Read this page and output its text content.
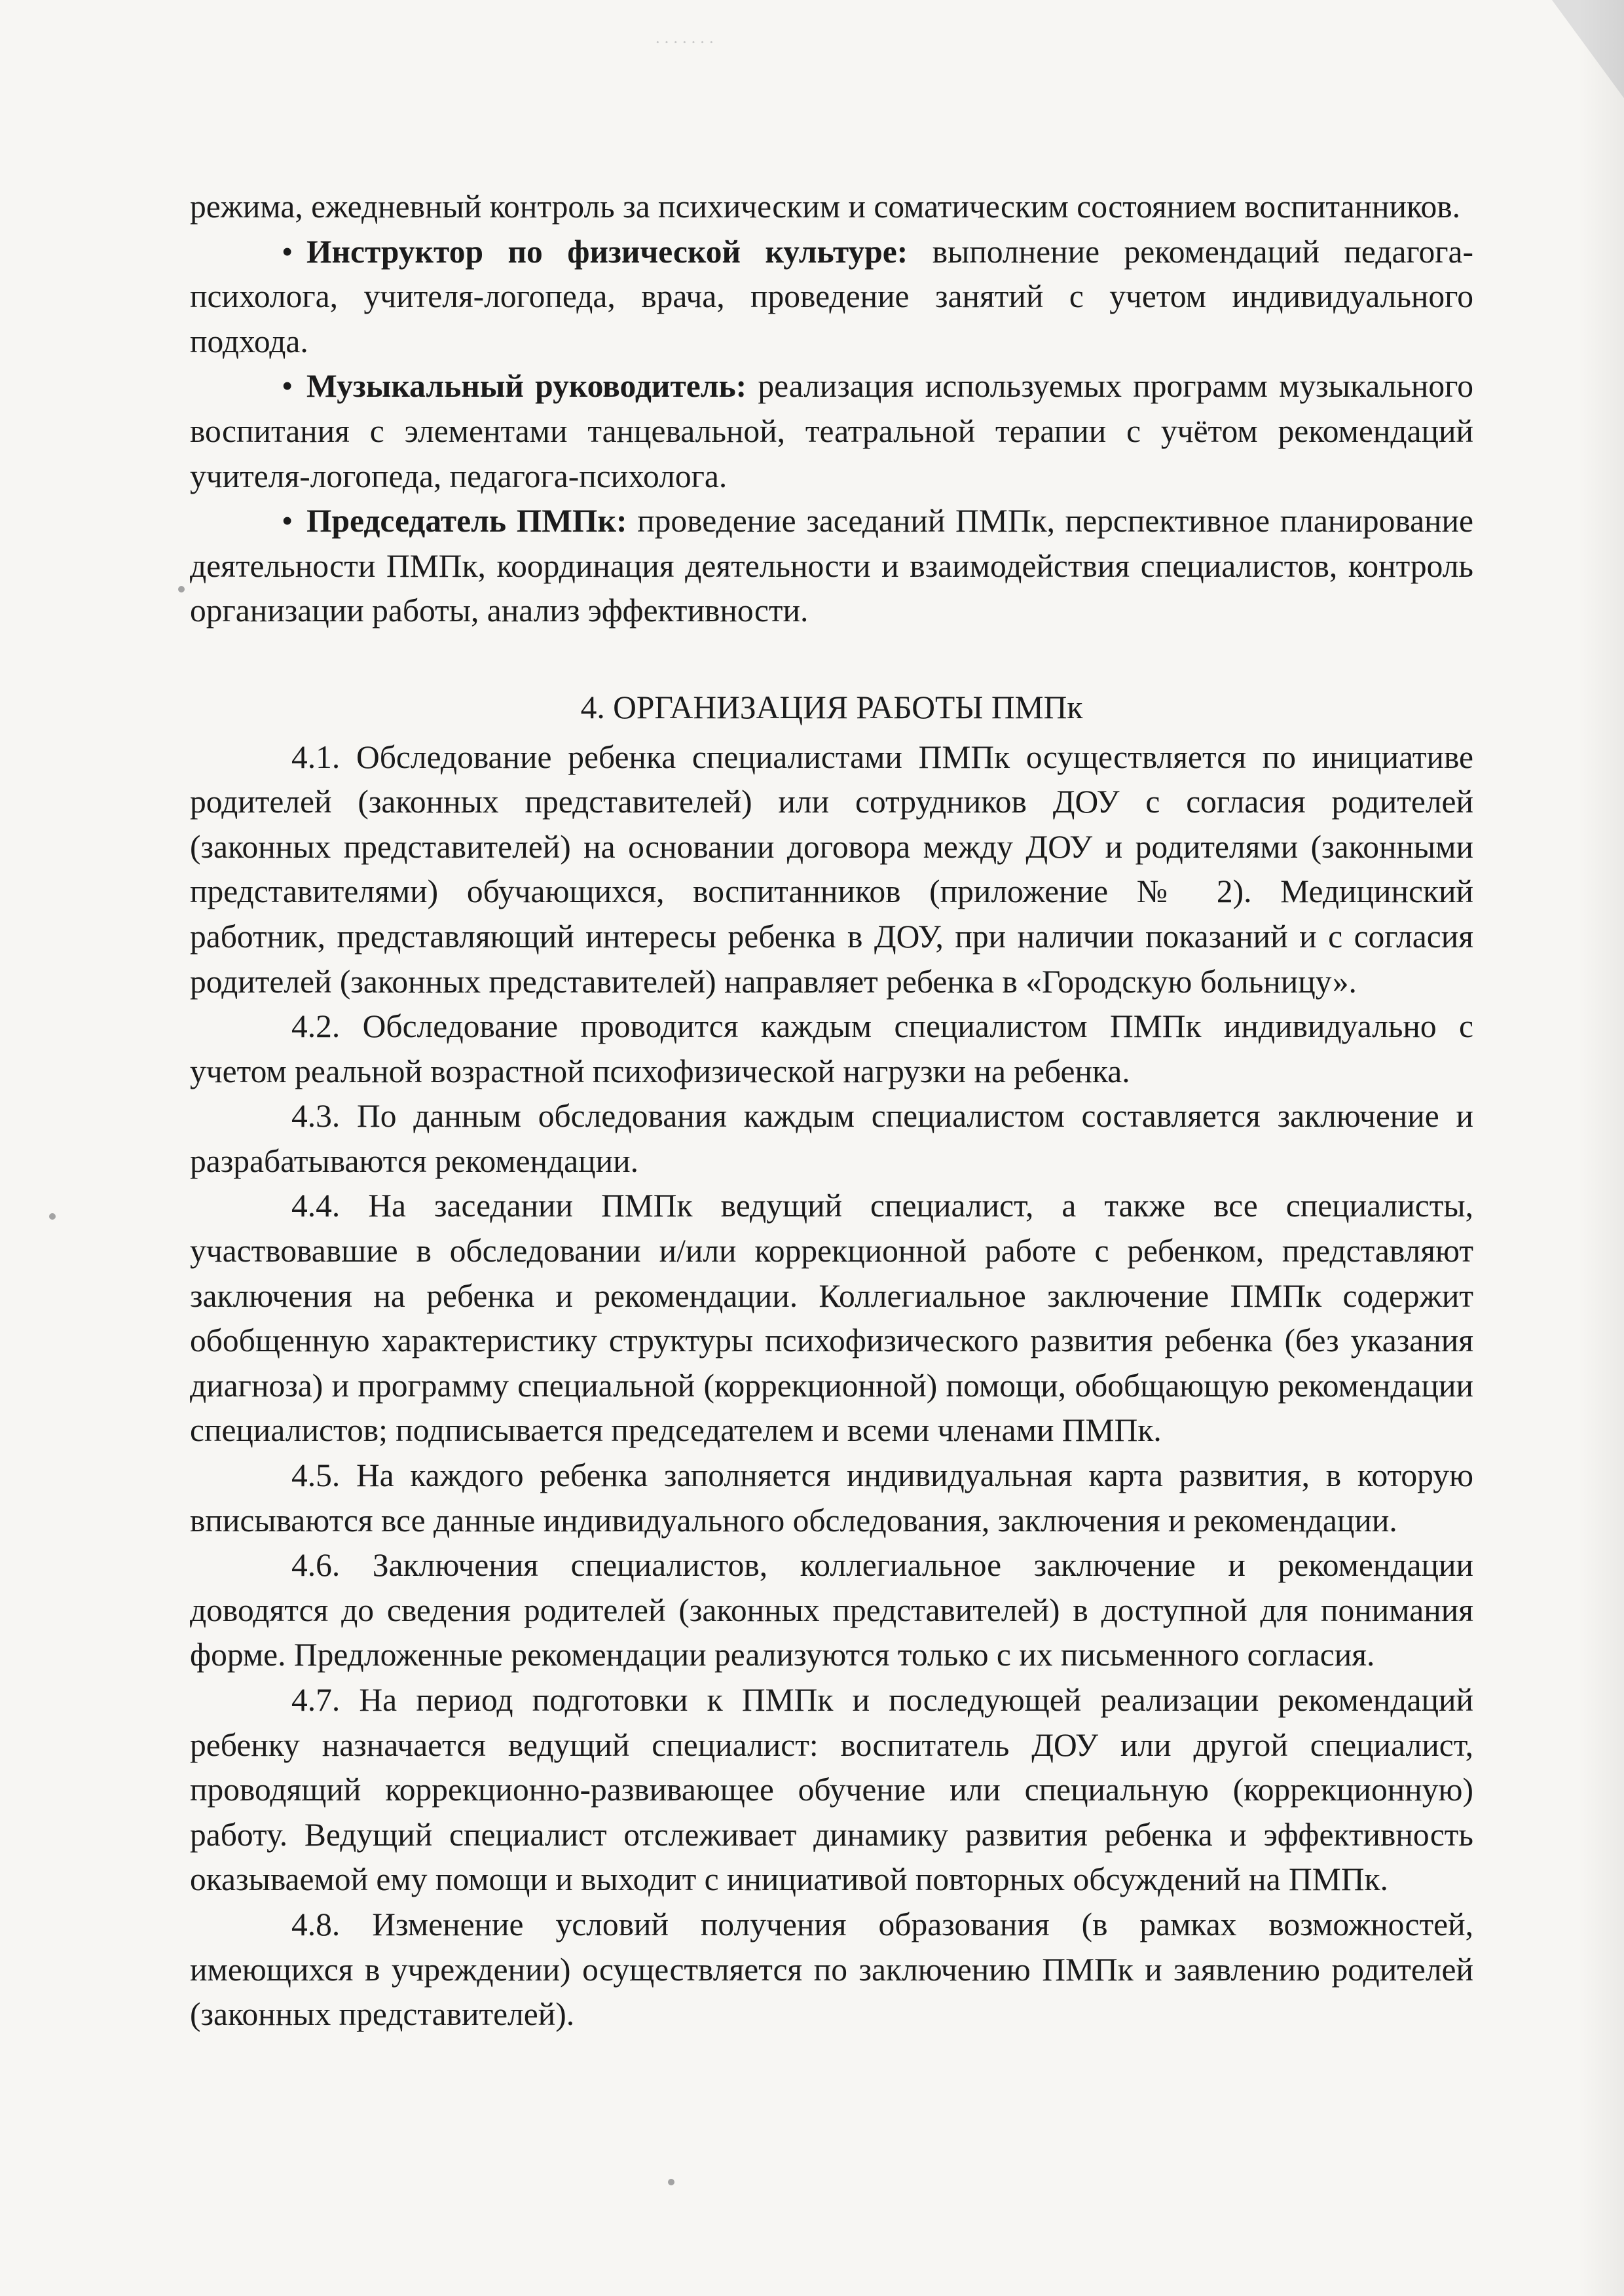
·······

режима, ежедневный контроль за психическим и соматическим состоянием воспитанников.

• Инструктор по физической культуре: выполнение рекомендаций педагога-психолога, учителя-логопеда, врача, проведение занятий с учетом индивидуального подхода.

• Музыкальный руководитель: реализация используемых программ музыкального воспитания с элементами танцевальной, театральной терапии с учётом рекомендаций учителя-логопеда, педагога-психолога.

• Председатель ПМПк: проведение заседаний ПМПк, перспективное планирование деятельности ПМПк, координация деятельности и взаимодействия специалистов, контроль организации работы, анализ эффективности.

4. ОРГАНИЗАЦИЯ РАБОТЫ ПМПк

4.1. Обследование ребенка специалистами ПМПк осуществляется по инициативе родителей (законных представителей) или сотрудников ДОУ с согласия родителей (законных представителей) на основании договора между ДОУ и родителями (законными представителями) обучающихся, воспитанников (приложение № 2). Медицинский работник, представляющий интересы ребенка в ДОУ, при наличии показаний и с согласия родителей (законных представителей) направляет ребенка в «Городскую больницу».

4.2. Обследование проводится каждым специалистом ПМПк индивидуально с учетом реальной возрастной психофизической нагрузки на ребенка.

4.3. По данным обследования каждым специалистом составляется заключение и разрабатываются рекомендации.

4.4. На заседании ПМПк ведущий специалист, а также все специалисты, участвовавшие в обследовании и/или коррекционной работе с ребенком, представляют заключения на ребенка и рекомендации. Коллегиальное заключение ПМПк содержит обобщенную характеристику структуры психофизического развития ребенка (без указания диагноза) и программу специальной (коррекционной) помощи, обобщающую рекомендации специалистов; подписывается председателем и всеми членами ПМПк.

4.5. На каждого ребенка заполняется индивидуальная карта развития, в которую вписываются все данные индивидуального обследования, заключения и рекомендации.

4.6. Заключения специалистов, коллегиальное заключение и рекомендации доводятся до сведения родителей (законных представителей) в доступной для понимания форме. Предложенные рекомендации реализуются только с их письменного согласия.

4.7. На период подготовки к ПМПк и последующей реализации рекомендаций ребенку назначается ведущий специалист: воспитатель ДОУ или другой специалист, проводящий коррекционно-развивающее обучение или специальную (коррекционную) работу. Ведущий специалист отслеживает динамику развития ребенка и эффективность оказываемой ему помощи и выходит с инициативой повторных обсуждений на ПМПк.

4.8. Изменение условий получения образования (в рамках возможностей, имеющихся в учреждении) осуществляется по заключению ПМПк и заявлению родителей (законных представителей).
